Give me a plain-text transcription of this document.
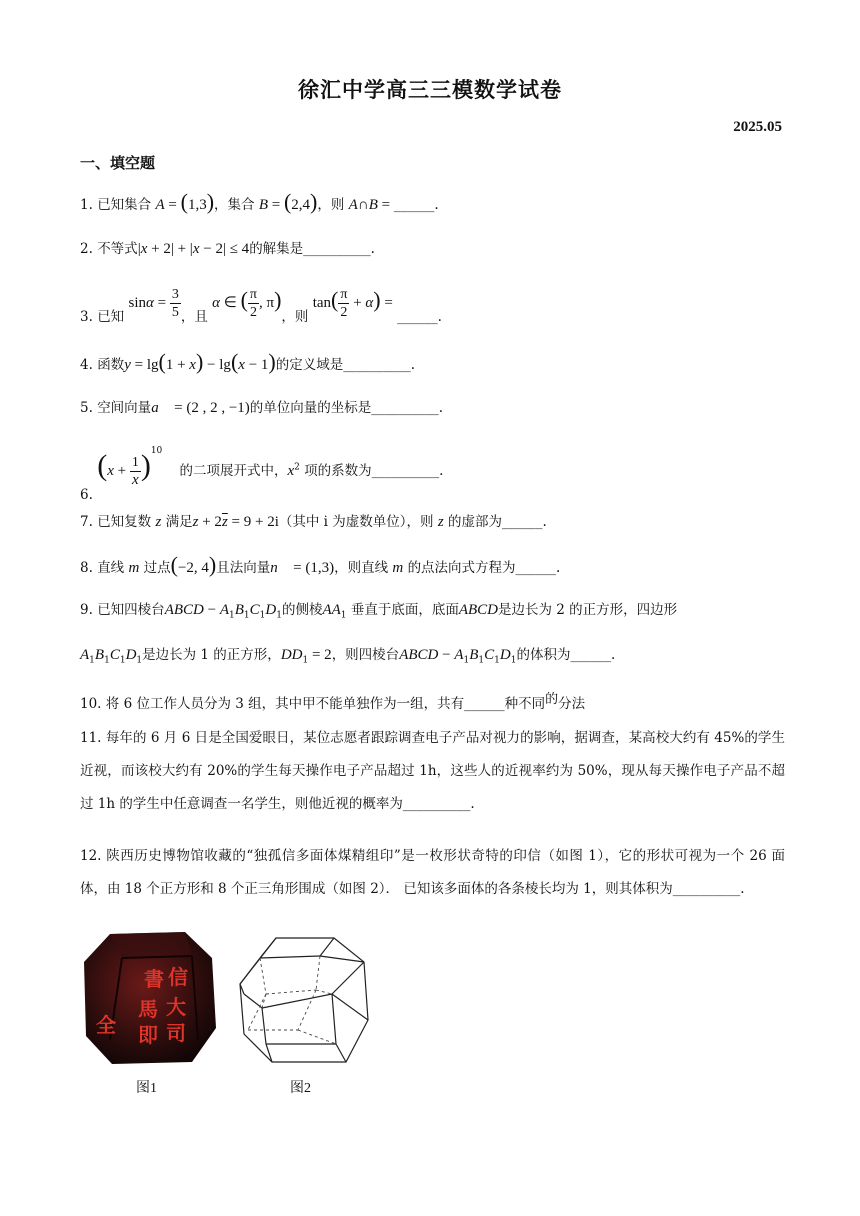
徐汇中学高三三模数学试卷
2025.05
一、填空题
1. 已知集合 A = (1,3)，集合 B = (2,4)，则 A∩B = ______.
2. 不等式|x + 2| + |x − 2| ≤ 4的解集是__________.
3. 已知 $\sin\alpha = \frac{3}{5}$ ，且 α ∈ ( $\frac{\pi}{2}$ , π)，则 $\tan( \frac{\pi}{2} + \alpha)$ = ______.
4. 函数y = lg(1 + x) − lg(x − 1)的定义域是__________.
5. 空间向量a⃗ = (2 , 2 , −1)的单位向量的坐标是__________.
6. $(x + \frac{1}{x} )^{10}$    的二项展开式中，$x^2$ 项的系数为__________.
7. 已知复数 z 满足$z + 2\overline{z} = 9 + 2i$（其中 i 为虚数单位），则 z 的虚部为______.
8. 直线 m 过点(−2, 4)且法向量n⃗ = (1,3)，则直线 m 的点法向式方程为______.
9. 已知四棱台ABCD − $A_1B_1C_1D_1$的侧棱$AA_1$ 垂直于底面，底面ABCD是边长为 2 的正方形，四边形
$A_1B_1C_1D_1$是边长为 1 的正方形，$DD_1 = 2$，则四棱台ABCD − $A_1B_1C_1D_1$的体积为______.
10. 将 6 位工作人员分为 3 组，其中甲不能单独作为一组，共有______种不同$^的$分法
11. 每年的 6 月 6 日是全国爱眼日，某位志愿者跟踪调查电子产品对视力的影响，据调查，某高校大约有 45%的学生近视，而该校大约有 20%的学生每天操作电子产品超过 1h，这些人的近视率约为 50%，现从每天操作电子产品不超过 1h 的学生中任意调查一名学生，则他近视的概率为__________.
12. 陕西历史博物馆收藏的“独孤信多面体煤精组印”是一枚形状奇特的印信（如图 1），它的形状可视为一个 26 面体，由 18 个正方形和 8 个正三角形围成（如图 2）． 已知该多面体的各条棱长均为 1，则其体积为__________.
書 信
大
馬
司
全 即
图1	图2
